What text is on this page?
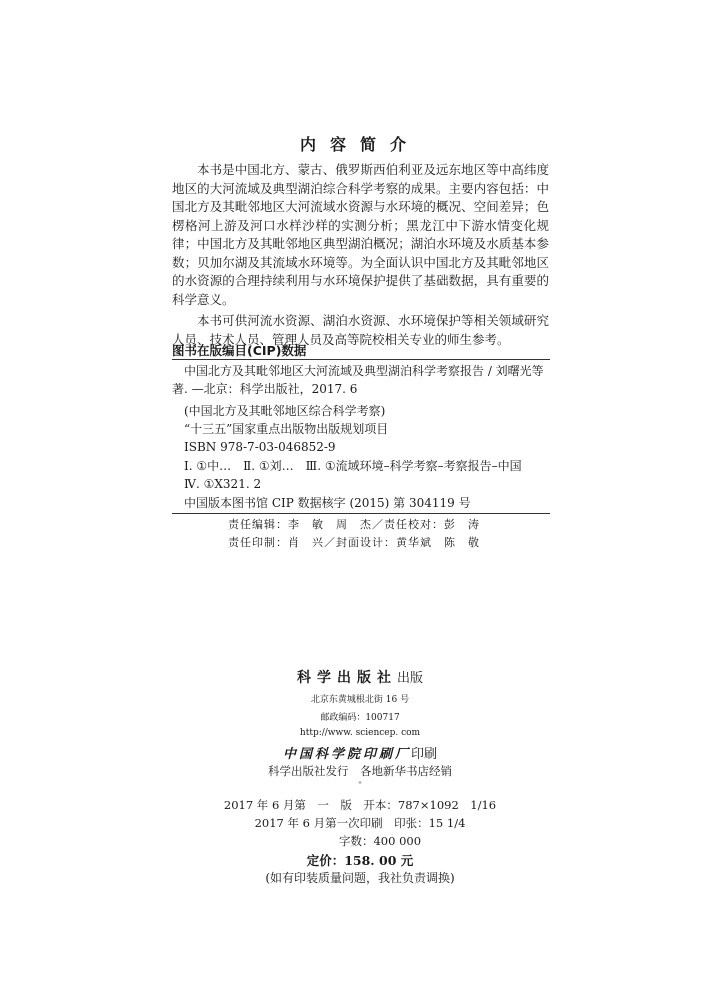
内容简介

本书是中国北方、蒙古、俄罗斯西伯利亚及远东地区等中高纬度地区的大河流域及典型湖泊综合科学考察的成果。主要内容包括：中国北方及其毗邻地区大河流域水资源与水环境的概况、空间差异；色楞格河上游及河口水样沙样的实测分析；黑龙江中下游水情变化规律；中国北方及其毗邻地区典型湖泊概况；湖泊水环境及水质基本参数；贝加尔湖及其流域水环境等。为全面认识中国北方及其毗邻地区的水资源的合理持续利用与水环境保护提供了基础数据，具有重要的科学意义。

本书可供河流水资源、湖泊水资源、水环境保护等相关领域研究人员、技术人员、管理人员及高等院校相关专业的师生参考。

图书在版编目(CIP)数据
中国北方及其毗邻地区大河流域及典型湖泊科学考察报告 / 刘曙光等
著. —北京：科学出版社，2017. 6
(中国北方及其毗邻地区综合科学考察)
“十三五”国家重点出版物出版规划项目
ISBN 978-7-03-046852-9
Ⅰ. ①中…　Ⅱ. ①刘…　Ⅲ. ①流域环境–科学考察–考察报告–中国
Ⅳ. ①X321. 2
中国版本图书馆 CIP 数据核字 (2015) 第 304119 号
责任编辑：李　敏　周　杰／责任校对：彭　涛
责任印制：肖　兴／封面设计：黄华斌　陈　敬
科学出版社出版
北京东黄城根北街 16 号
邮政编码：100717
http://www. sciencep. com
中国科学院印刷厂印刷
科学出版社发行　各地新华书店经销
*
2017 年 6 月第　一　版　开本：787×1092　1/16
2017 年 6 月第一次印刷　印张：15 1/4
字数：400 000
定价：158. 00 元
(如有印装质量问题，我社负责调换)
